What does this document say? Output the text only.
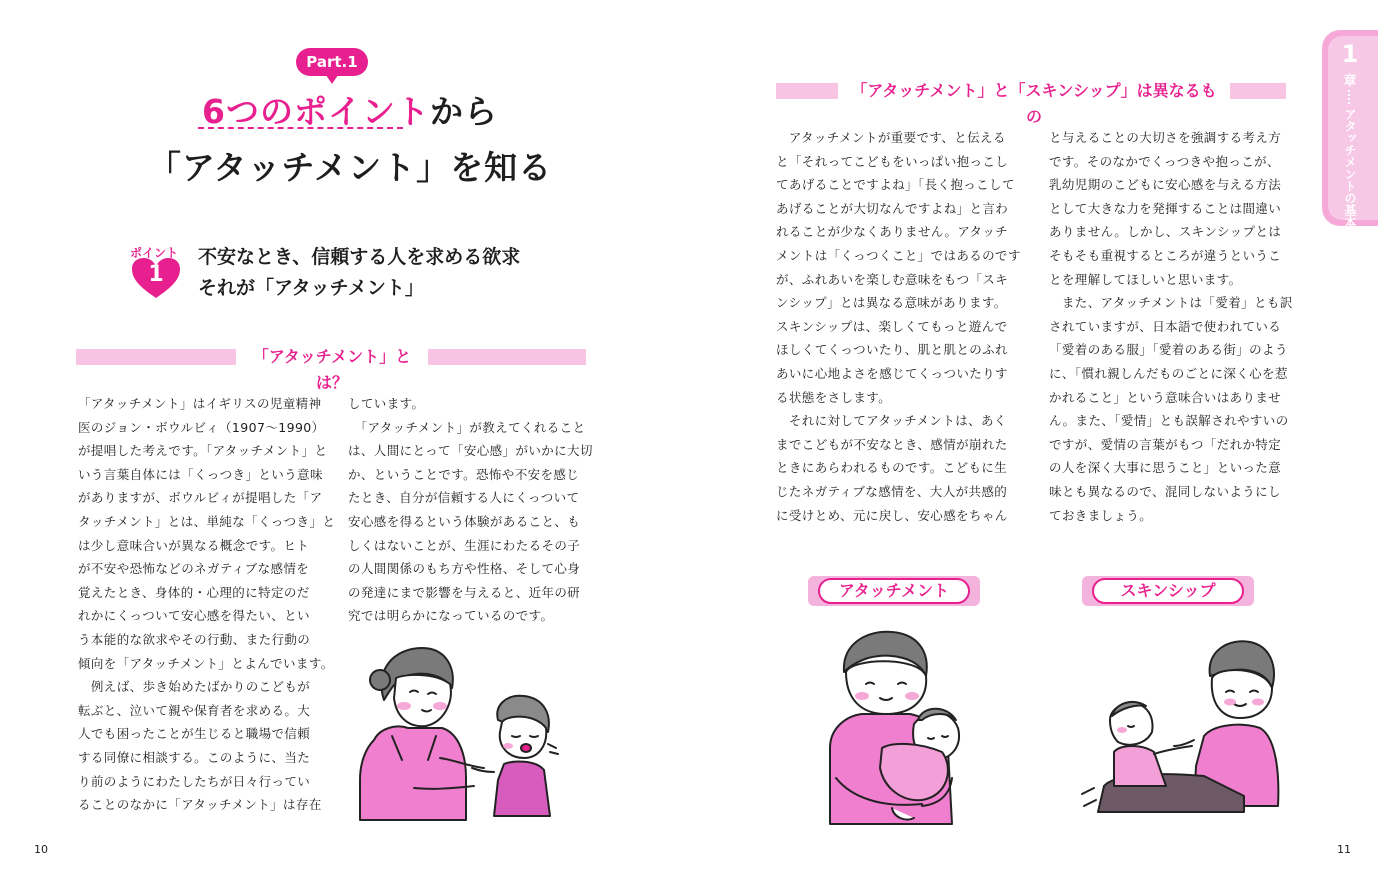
Part.1
6つのポイントから
「アタッチメント」を知る
ポイント
1
不安なとき、信頼する人を求める欲求
それが「アタッチメント」
「アタッチメント」とは？
「アタッチメント」はイギリスの児童精神
医のジョン・ボウルビィ（1907〜1990）
が提唱した考えです。「アタッチメント」と
いう言葉自体には「くっつき」という意味
がありますが、ボウルビィが提唱した「ア
タッチメント」とは、単純な「くっつき」と
は少し意味合いが異なる概念です。ヒト
が不安や恐怖などのネガティブな感情を
覚えたとき、身体的・心理的に特定のだ
れかにくっついて安心感を得たい、とい
う本能的な欲求やその行動、また行動の
傾向を「アタッチメント」とよんでいます。
　例えば、歩き始めたばかりのこどもが
転ぶと、泣いて親や保育者を求める。大
人でも困ったことが生じると職場で信頼
する同僚に相談する。このように、当た
り前のようにわたしたちが日々行ってい
ることのなかに「アタッチメント」は存在
しています。
　「アタッチメント」が教えてくれること
は、人間にとって「安心感」がいかに大切
か、ということです。恐怖や不安を感じ
たとき、自分が信頼する人にくっついて
安心感を得るという体験があること、も
しくはないことが、生涯にわたるその子
の人間関係のもち方や性格、そして心身
の発達にまで影響を与えると、近年の研
究では明らかになっているのです。
10
「アタッチメント」と「スキンシップ」は異なるもの
　アタッチメントが重要です、と伝える
と「それってこどもをいっぱい抱っこし
てあげることですよね」「長く抱っこして
あげることが大切なんですよね」と言わ
れることが少なくありません。アタッチ
メントは「くっつくこと」ではあるのです
が、ふれあいを楽しむ意味をもつ「スキ
ンシップ」とは異なる意味があります。
スキンシップは、楽しくてもっと遊んで
ほしくてくっついたり、肌と肌とのふれ
あいに心地よさを感じてくっついたりす
る状態をさします。
　それに対してアタッチメントは、あく
までこどもが不安なとき、感情が崩れた
ときにあらわれるものです。こどもに生
じたネガティブな感情を、大人が共感的
に受けとめ、元に戻し、安心感をちゃん
と与えることの大切さを強調する考え方
です。そのなかでくっつきや抱っこが、
乳幼児期のこどもに安心感を与える方法
として大きな力を発揮することは間違い
ありません。しかし、スキンシップとは
そもそも重視するところが違うというこ
とを理解してほしいと思います。
　また、アタッチメントは「愛着」とも訳
されていますが、日本語で使われている
「愛着のある服」「愛着のある街」のよう
に、「慣れ親しんだものごとに深く心を惹
かれること」という意味合いはありませ
ん。また、「愛情」とも誤解されやすいの
ですが、愛情の言葉がもつ「だれか特定
の人を深く大事に思うこと」といった意
味とも異なるので、混同しないようにし
ておきましょう。
1
章
アタッチメントの基本
アタッチメント	スキンシップ
11
